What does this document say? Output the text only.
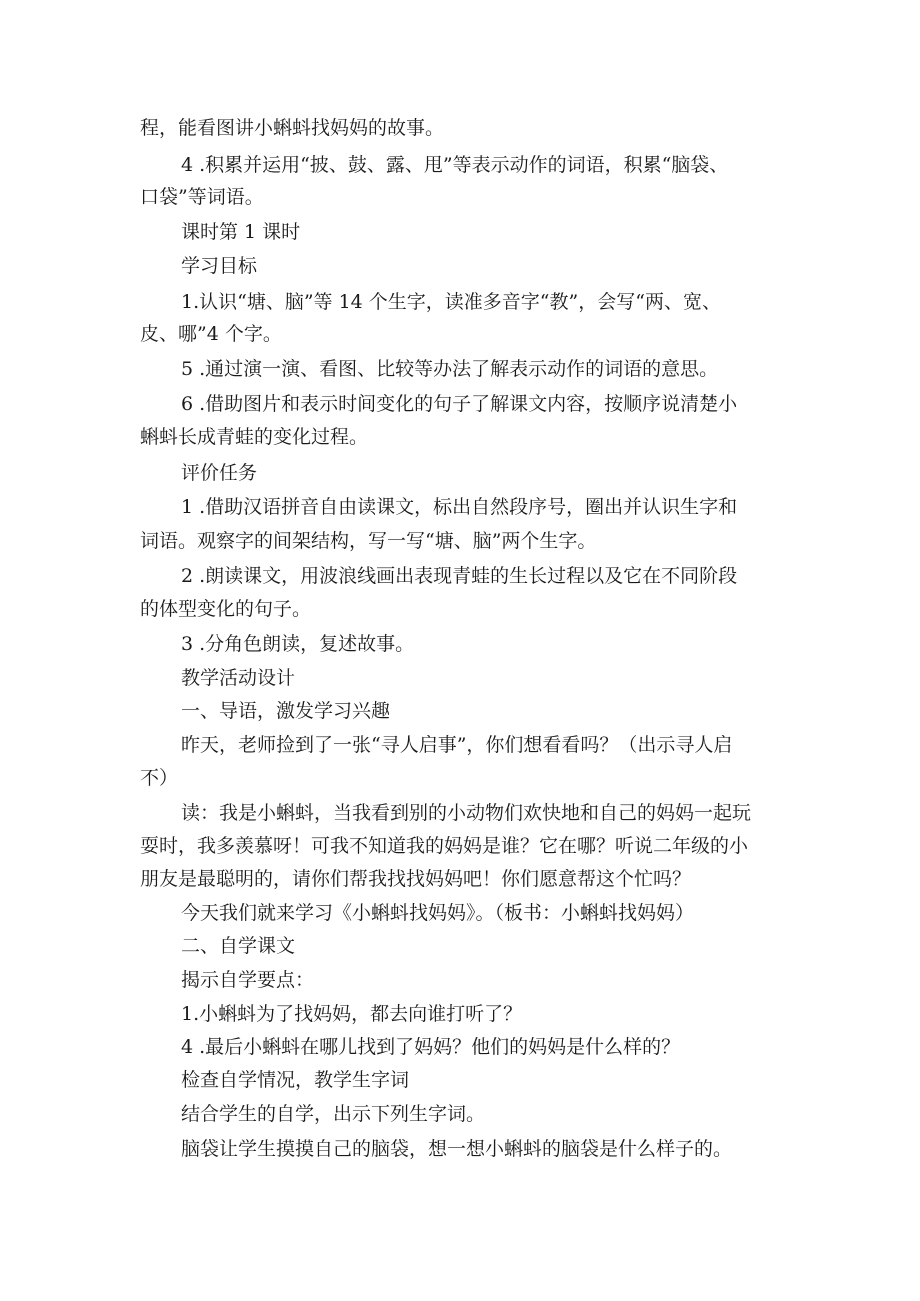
程，能看图讲小蝌蚪找妈妈的故事。
4 .积累并运用“披、鼓、露、甩”等表示动作的词语，积累“脑袋、
口袋”等词语。
课时第 1 课时
学习目标
1.认识“塘、脑”等 14 个生字，读准多音字“教”，会写“两、宽、
皮、哪”4 个字。
5 .通过演一演、看图、比较等办法了解表示动作的词语的意思。
6 .借助图片和表示时间变化的句子了解课文内容，按顺序说清楚小
蝌蚪长成青蛙的变化过程。
评价任务
1 .借助汉语拼音自由读课文，标出自然段序号，圈出并认识生字和
词语。观察字的间架结构，写一写“塘、脑”两个生字。
2 .朗读课文，用波浪线画出表现青蛙的生长过程以及它在不同阶段
的体型变化的句子。
3 .分角色朗读，复述故事。
教学活动设计
一、导语，激发学习兴趣
昨天，老师捡到了一张“寻人启事”，你们想看看吗？（出示寻人启
不）
读：我是小蝌蚪，当我看到别的小动物们欢快地和自己的妈妈一起玩
耍时，我多羡慕呀！可我不知道我的妈妈是谁？它在哪？听说二年级的小
朋友是最聪明的，请你们帮我找找妈妈吧！你们愿意帮这个忙吗？
今天我们就来学习《小蝌蚪找妈妈》。（板书：小蝌蚪找妈妈）
二、自学课文
揭示自学要点：
1.小蝌蚪为了找妈妈，都去向谁打听了？
4 .最后小蝌蚪在哪儿找到了妈妈？他们的妈妈是什么样的？
检查自学情况，教学生字词
结合学生的自学，出示下列生字词。
脑袋让学生摸摸自己的脑袋，想一想小蝌蚪的脑袋是什么样子的。
